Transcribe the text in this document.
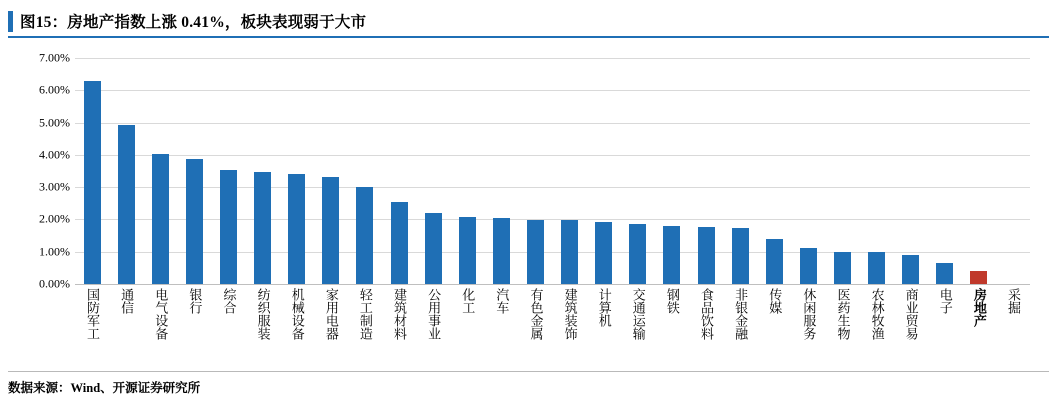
图15：房地产指数上涨 0.41%，板块表现弱于大市
0.00%
1.00%
2.00%
3.00%
4.00%
5.00%
6.00%
7.00%
国防军工 通信 电气设备 银行 综合 纺织服装 机械设备 家用电器 轻工制造 建筑材料 公用事业 化工 汽车 有色金属 建筑装饰 计算机 交通运输 钢铁 食品饮料 非银金融 传媒 休闲服务 医药生物 农林牧渔 商业贸易 电子 房地产 采掘
数据来源：Wind、开源证券研究所
